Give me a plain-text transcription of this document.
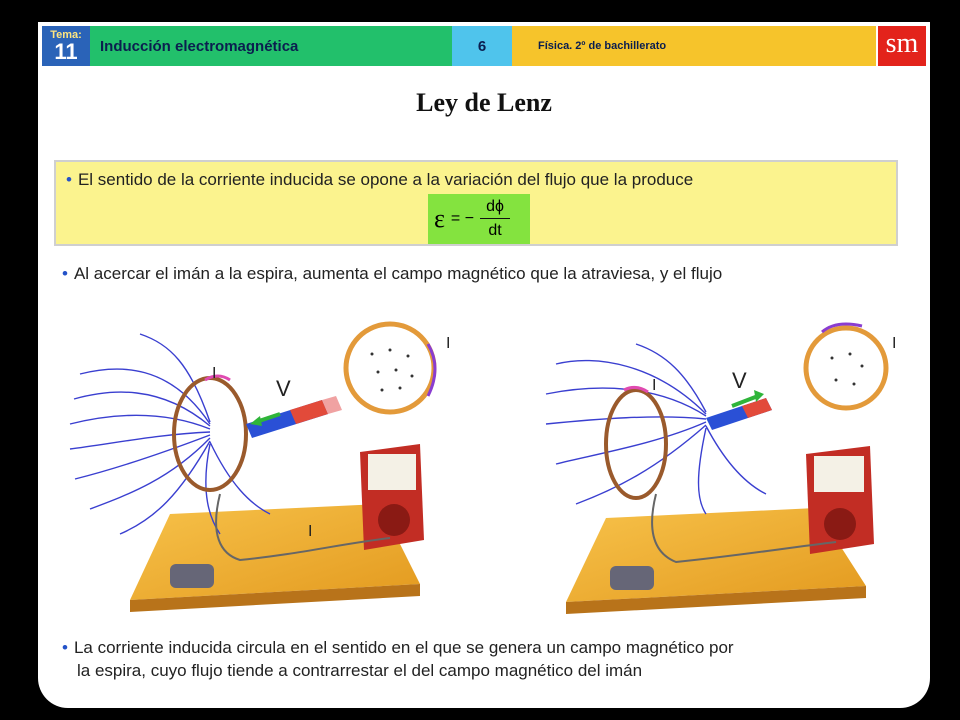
Tema:
11	Inducción electromagnética	6	Física. 2º de bachillerato	sm
Ley de Lenz
• El sentido de la corriente inducida se opone a la variación del flujo que la produce
ε = − $\frac{d\phi}{dt}$
• Al acercar el imán a la espira, aumenta el campo magnético que la atraviesa, y el flujo
I
V
I
I
I	V
I
• La corriente inducida circula en el sentido en el que se genera un campo magnético por
la espira, cuyo flujo tiende a contrarrestar el del campo magnético del imán
